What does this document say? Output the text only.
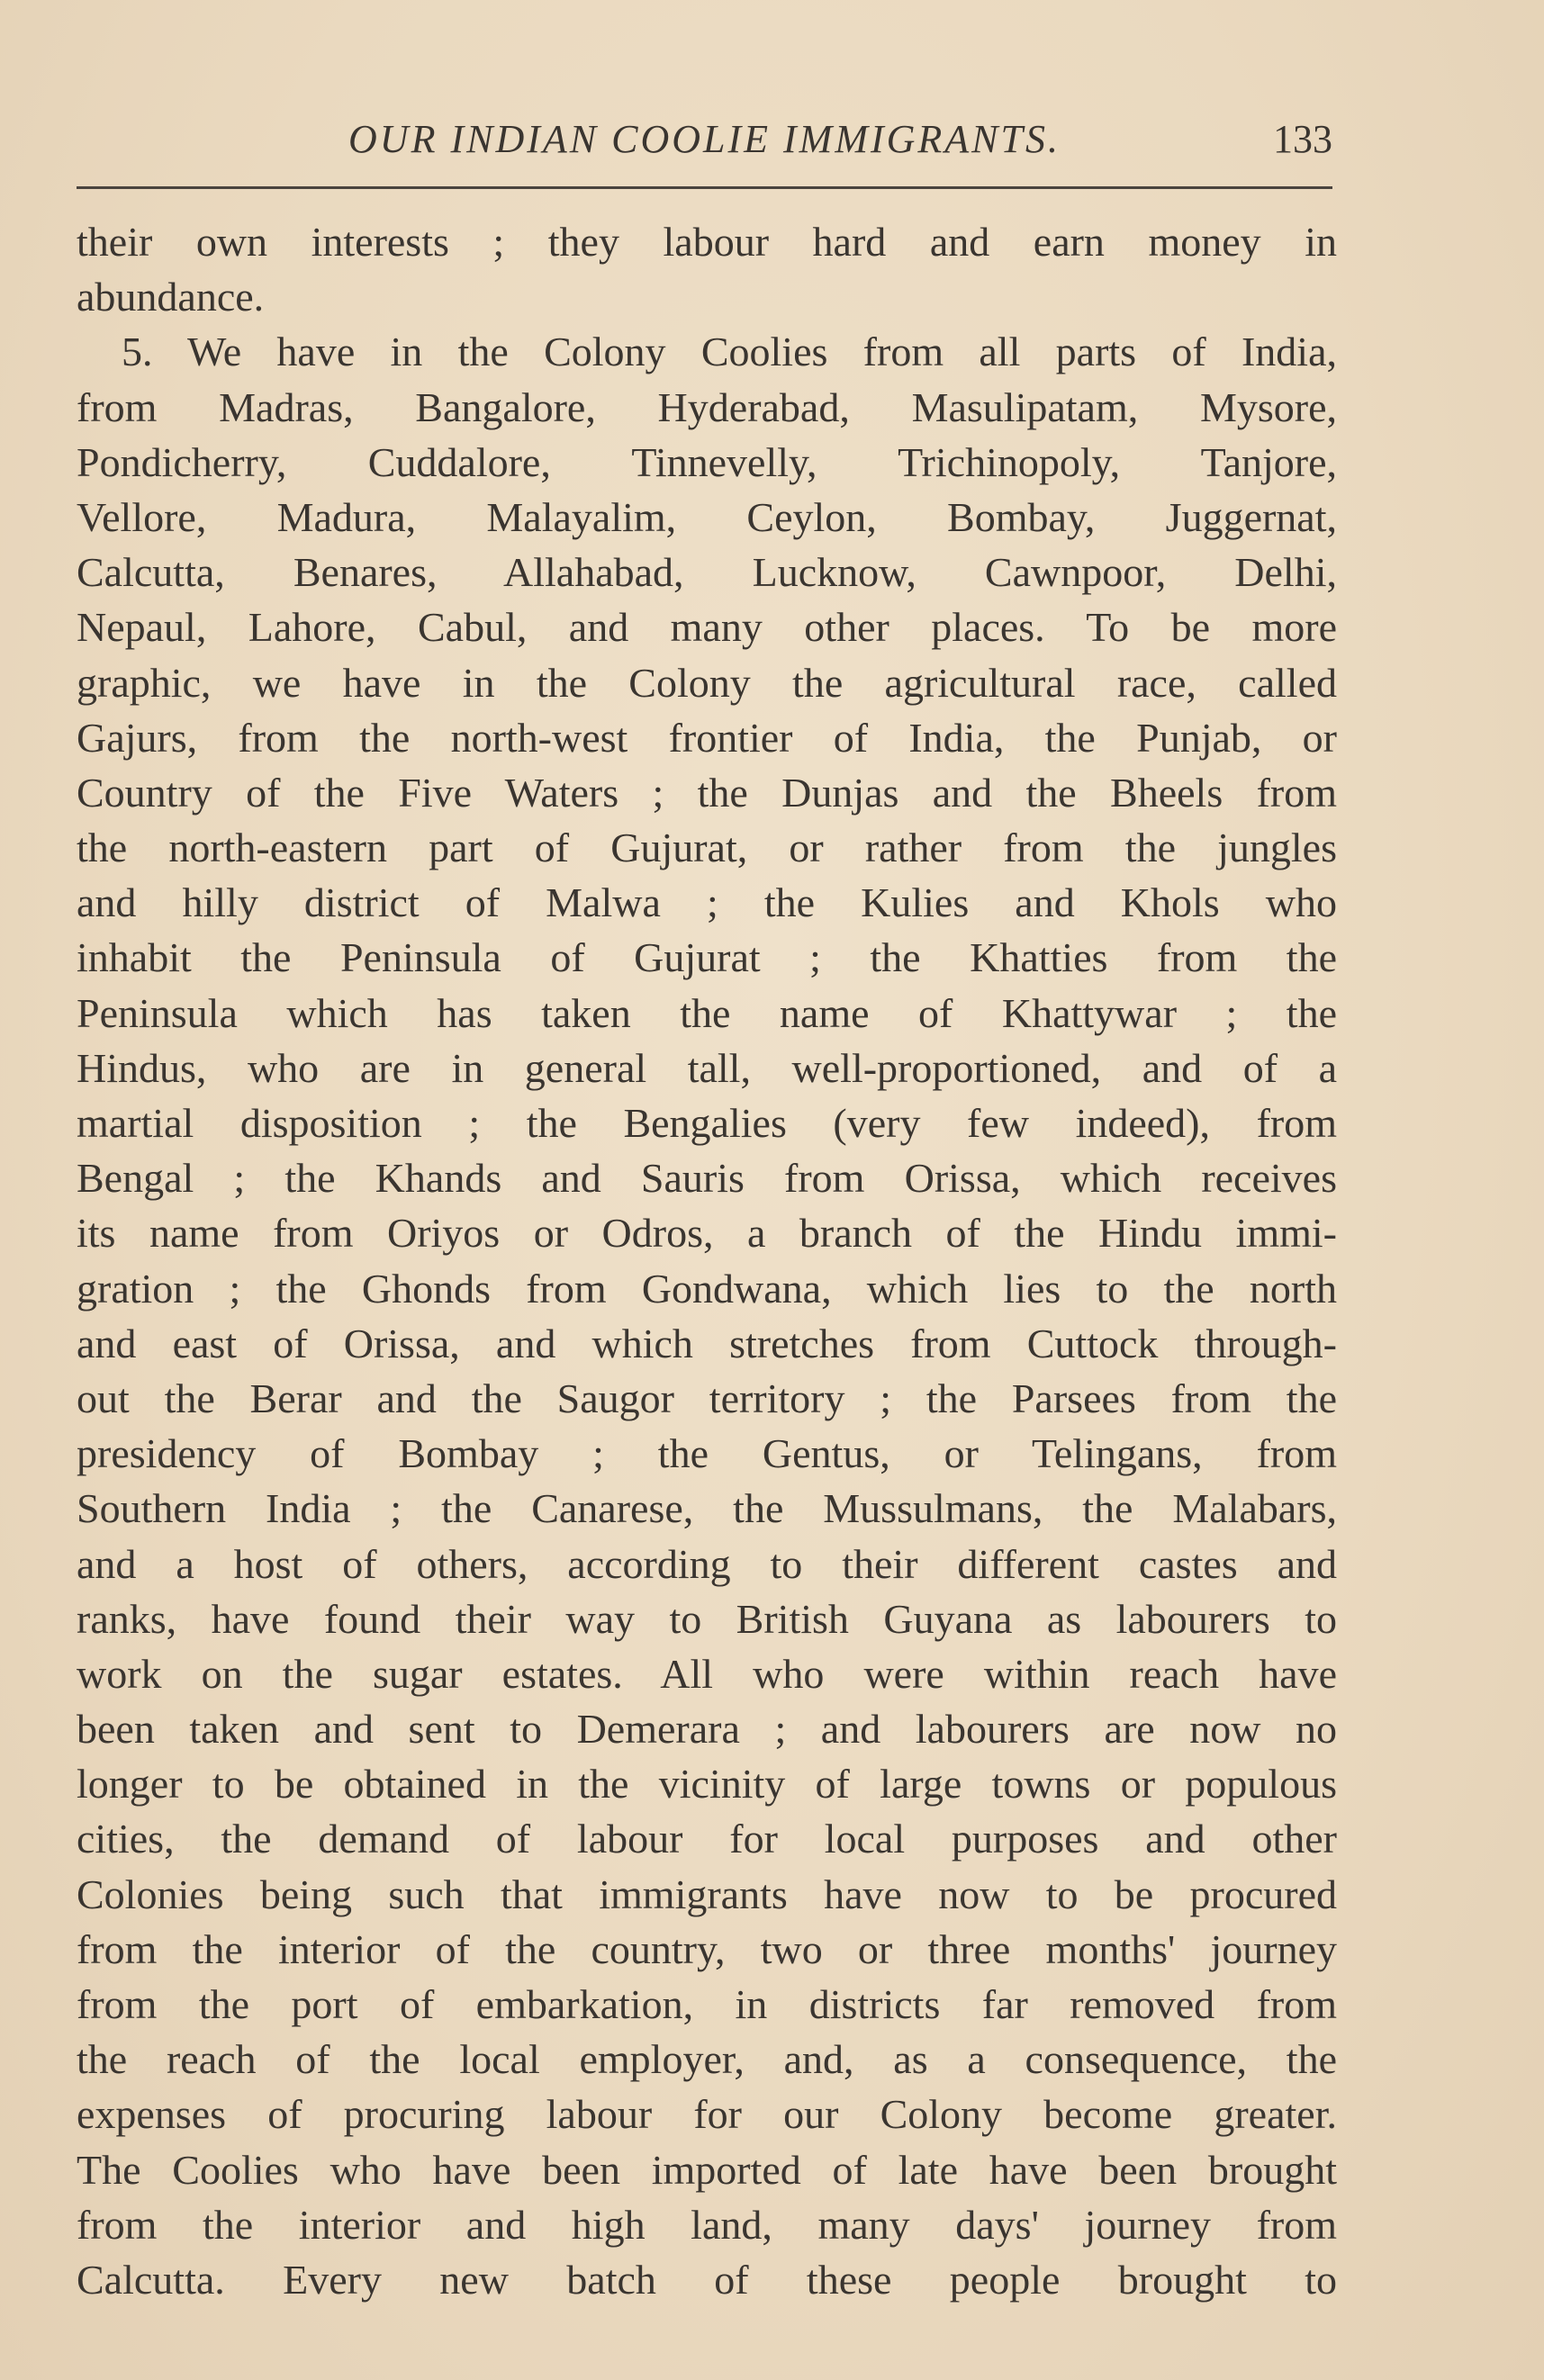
OUR INDIAN COOLIE IMMIGRANTS.	133
their own interests ; they labour hard and earn money in
abundance.
5. We have in the Colony Coolies from all parts of India,
from Madras, Bangalore, Hyderabad, Masulipatam, Mysore,
Pondicherry, Cuddalore, Tinnevelly, Trichinopoly, Tanjore,
Vellore, Madura, Malayalim, Ceylon, Bombay, Juggernat,
Calcutta, Benares, Allahabad, Lucknow, Cawnpoor, Delhi,
Nepaul, Lahore, Cabul, and many other places. To be more
graphic, we have in the Colony the agricultural race, called
Gajurs, from the north-west frontier of India, the Punjab, or
Country of the Five Waters ; the Dunjas and the Bheels from
the north-eastern part of Gujurat, or rather from the jungles
and hilly district of Malwa ; the Kulies and Khols who
inhabit the Peninsula of Gujurat ; the Khatties from the
Peninsula which has taken the name of Khattywar ; the
Hindus, who are in general tall, well-proportioned, and of a
martial disposition ; the Bengalies (very few indeed), from
Bengal ; the Khands and Sauris from Orissa, which receives
its name from Oriyos or Odros, a branch of the Hindu immi-
gration ; the Ghonds from Gondwana, which lies to the north
and east of Orissa, and which stretches from Cuttock through-
out the Berar and the Saugor territory ; the Parsees from the
presidency of Bombay ; the Gentus, or Telingans, from
Southern India ; the Canarese, the Mussulmans, the Malabars,
and a host of others, according to their different castes and
ranks, have found their way to British Guyana as labourers to
work on the sugar estates. All who were within reach have
been taken and sent to Demerara ; and labourers are now no
longer to be obtained in the vicinity of large towns or populous
cities, the demand of labour for local purposes and other
Colonies being such that immigrants have now to be procured
from the interior of the country, two or three months' journey
from the port of embarkation, in districts far removed from
the reach of the local employer, and, as a consequence, the
expenses of procuring labour for our Colony become greater.
The Coolies who have been imported of late have been brought
from the interior and high land, many days' journey from
Calcutta. Every new batch of these people brought to
